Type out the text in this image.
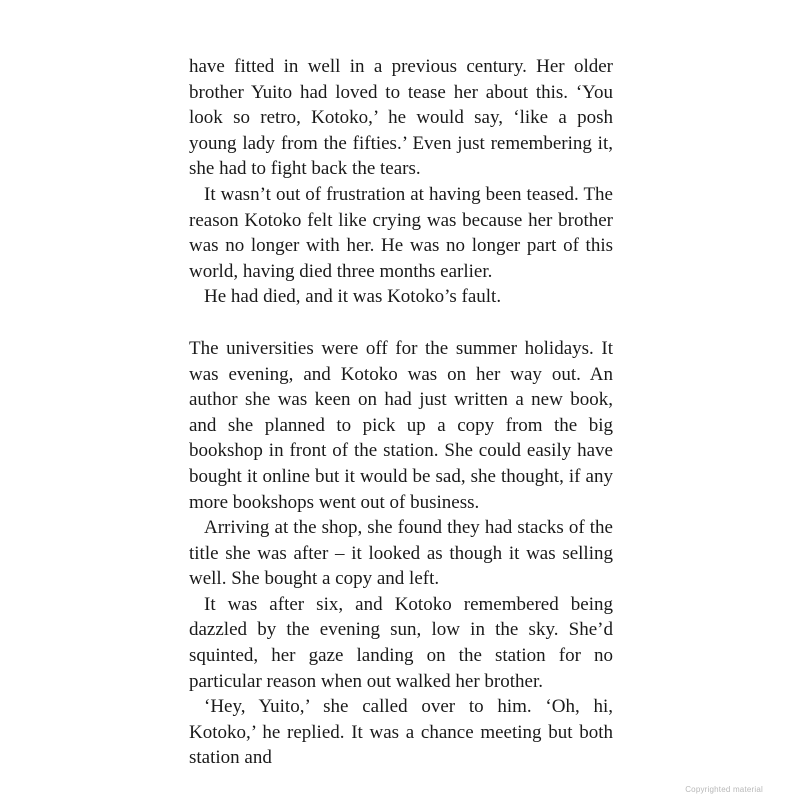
have fitted in well in a previous century. Her older brother Yuito had loved to tease her about this. ‘You look so retro, Kotoko,’ he would say, ‘like a posh young lady from the fifties.’ Even just remembering it, she had to fight back the tears.

It wasn’t out of frustration at having been teased. The reason Kotoko felt like crying was because her brother was no longer with her. He was no longer part of this world, having died three months earlier.

He had died, and it was Kotoko’s fault.

The universities were off for the summer holidays. It was evening, and Kotoko was on her way out. An author she was keen on had just written a new book, and she planned to pick up a copy from the big bookshop in front of the station. She could easily have bought it online but it would be sad, she thought, if any more bookshops went out of business.

Arriving at the shop, she found they had stacks of the title she was after – it looked as though it was selling well. She bought a copy and left.

It was after six, and Kotoko remembered being dazzled by the evening sun, low in the sky. She’d squinted, her gaze landing on the station for no particular reason when out walked her brother.

‘Hey, Yuito,’ she called over to him. ‘Oh, hi, Kotoko,’ he replied. It was a chance meeting but both station and

Copyrighted material
